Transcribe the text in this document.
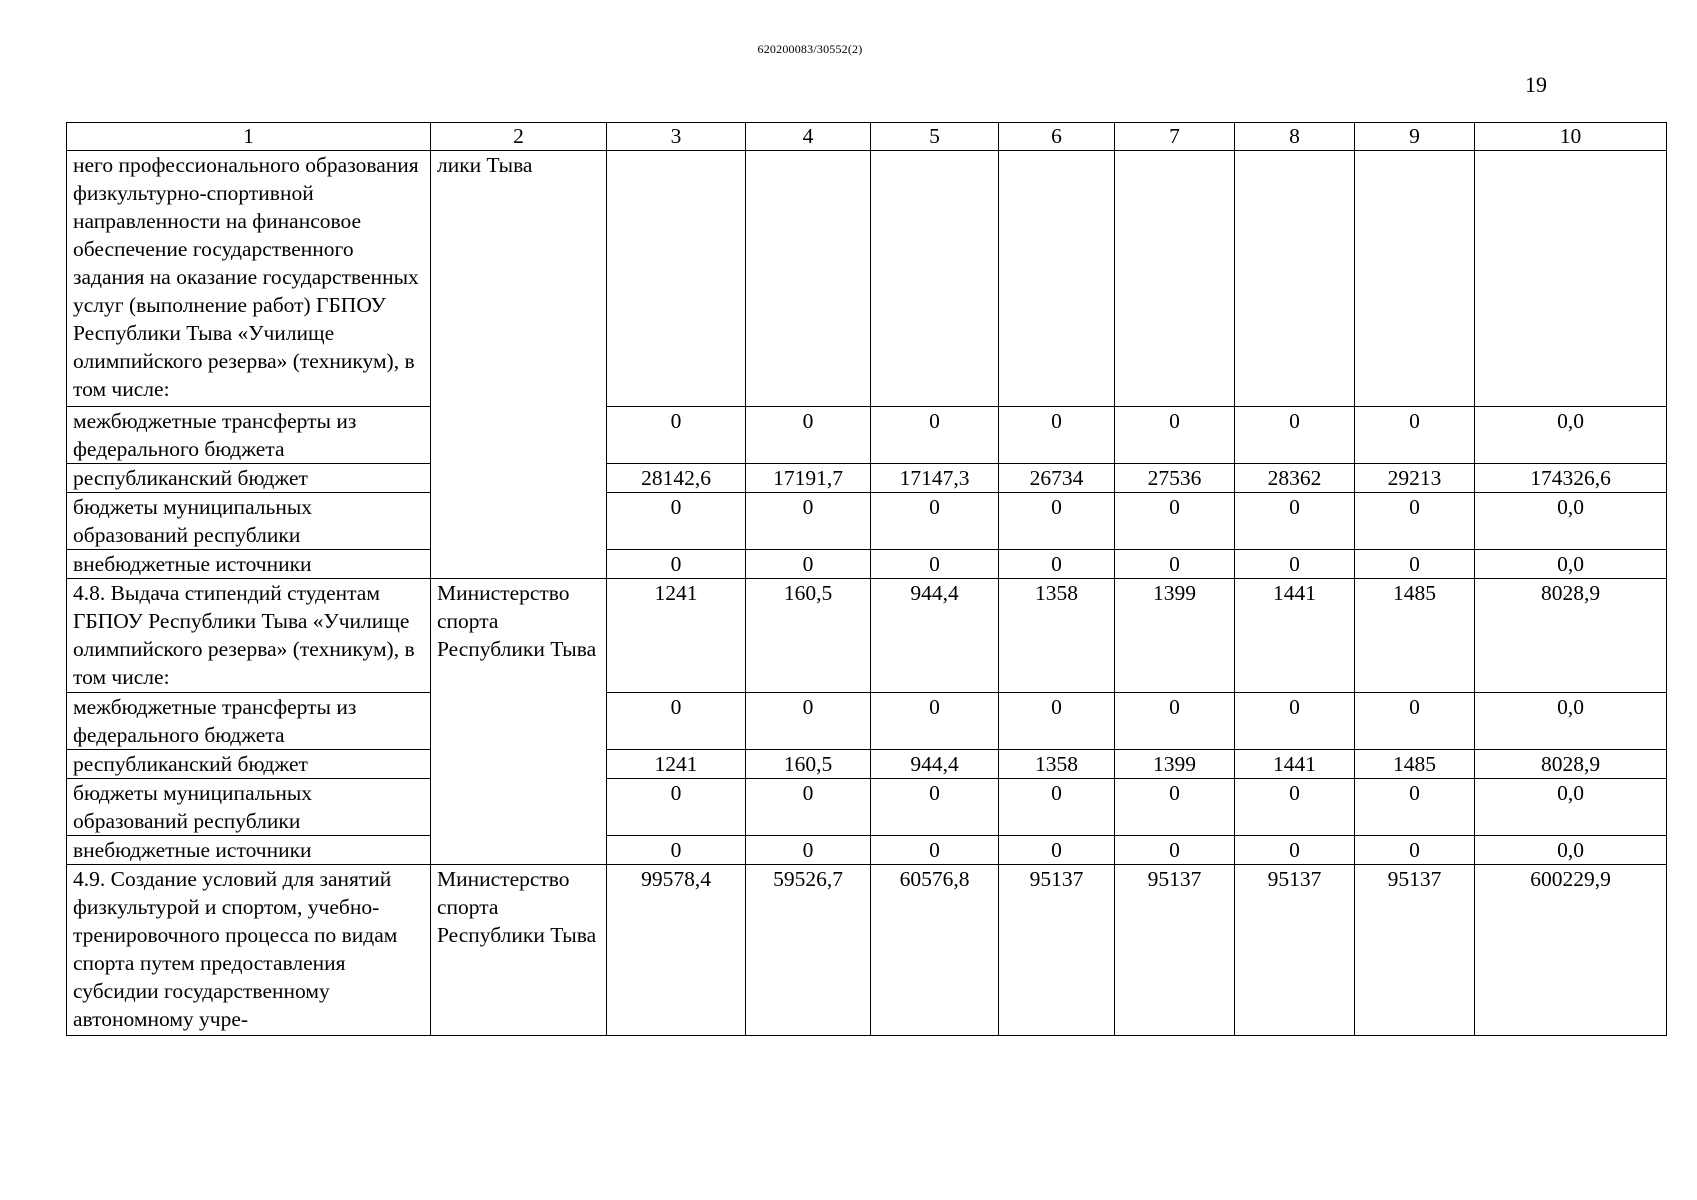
620200083/30552(2)
19
1	2	3	4	5	6	7	8	9	10
него профессионального образования физкультурно-спортивной направленности на финансовое обеспечение государственного задания на оказание государственных услуг (выполнение работ) ГБПОУ Республики Тыва «Училище олимпийского резерва» (техникум), в том числе:	лики Тыва								
межбюджетные трансферты из федерального бюджета		0	0	0	0	0	0	0	0,0
республиканский бюджет		28142,6	17191,7	17147,3	26734	27536	28362	29213	174326,6
бюджеты муниципальных образований республики		0	0	0	0	0	0	0	0,0
внебюджетные источники		0	0	0	0	0	0	0	0,0
4.8. Выдача стипендий студентам ГБПОУ Республики Тыва «Училище олимпийского резерва» (техникум), в том числе:	Министерство спорта Республики Тыва	1241	160,5	944,4	1358	1399	1441	1485	8028,9
межбюджетные трансферты из федерального бюджета		0	0	0	0	0	0	0	0,0
республиканский бюджет		1241	160,5	944,4	1358	1399	1441	1485	8028,9
бюджеты муниципальных образований республики		0	0	0	0	0	0	0	0,0
внебюджетные источники		0	0	0	0	0	0	0	0,0
4.9. Создание условий для занятий физкультурой и спортом, учебно-тренировочного процесса по видам спорта путем предоставления субсидии государственному автономному учре-	Министерство спорта Республики Тыва	99578,4	59526,7	60576,8	95137	95137	95137	95137	600229,9
